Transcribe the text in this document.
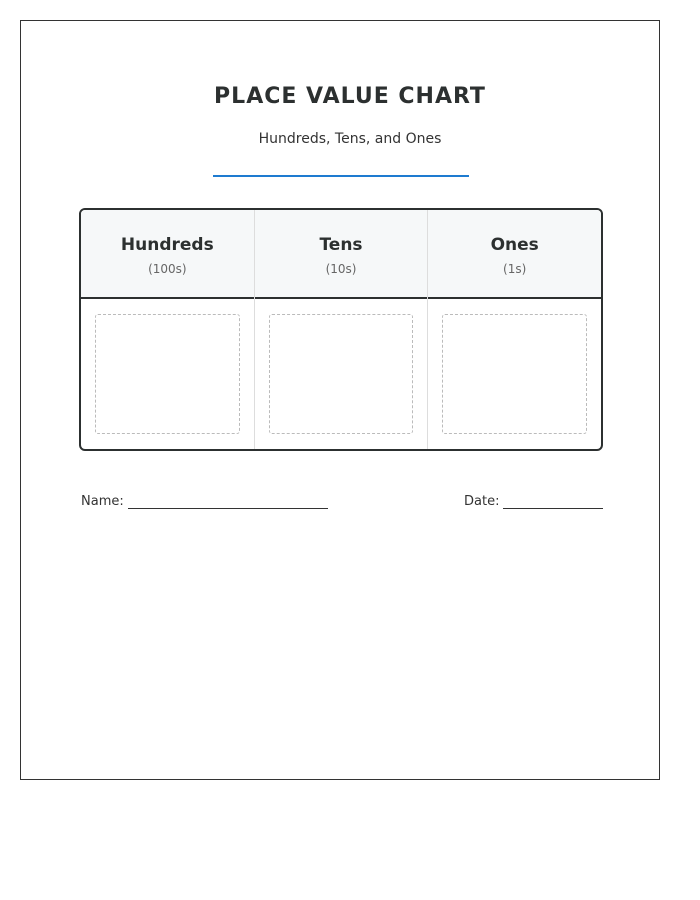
PLACE VALUE CHART
Hundreds, Tens, and Ones
Hundreds
(100s)
Tens
(10s)
Ones
(1s)
Name:	Date:
